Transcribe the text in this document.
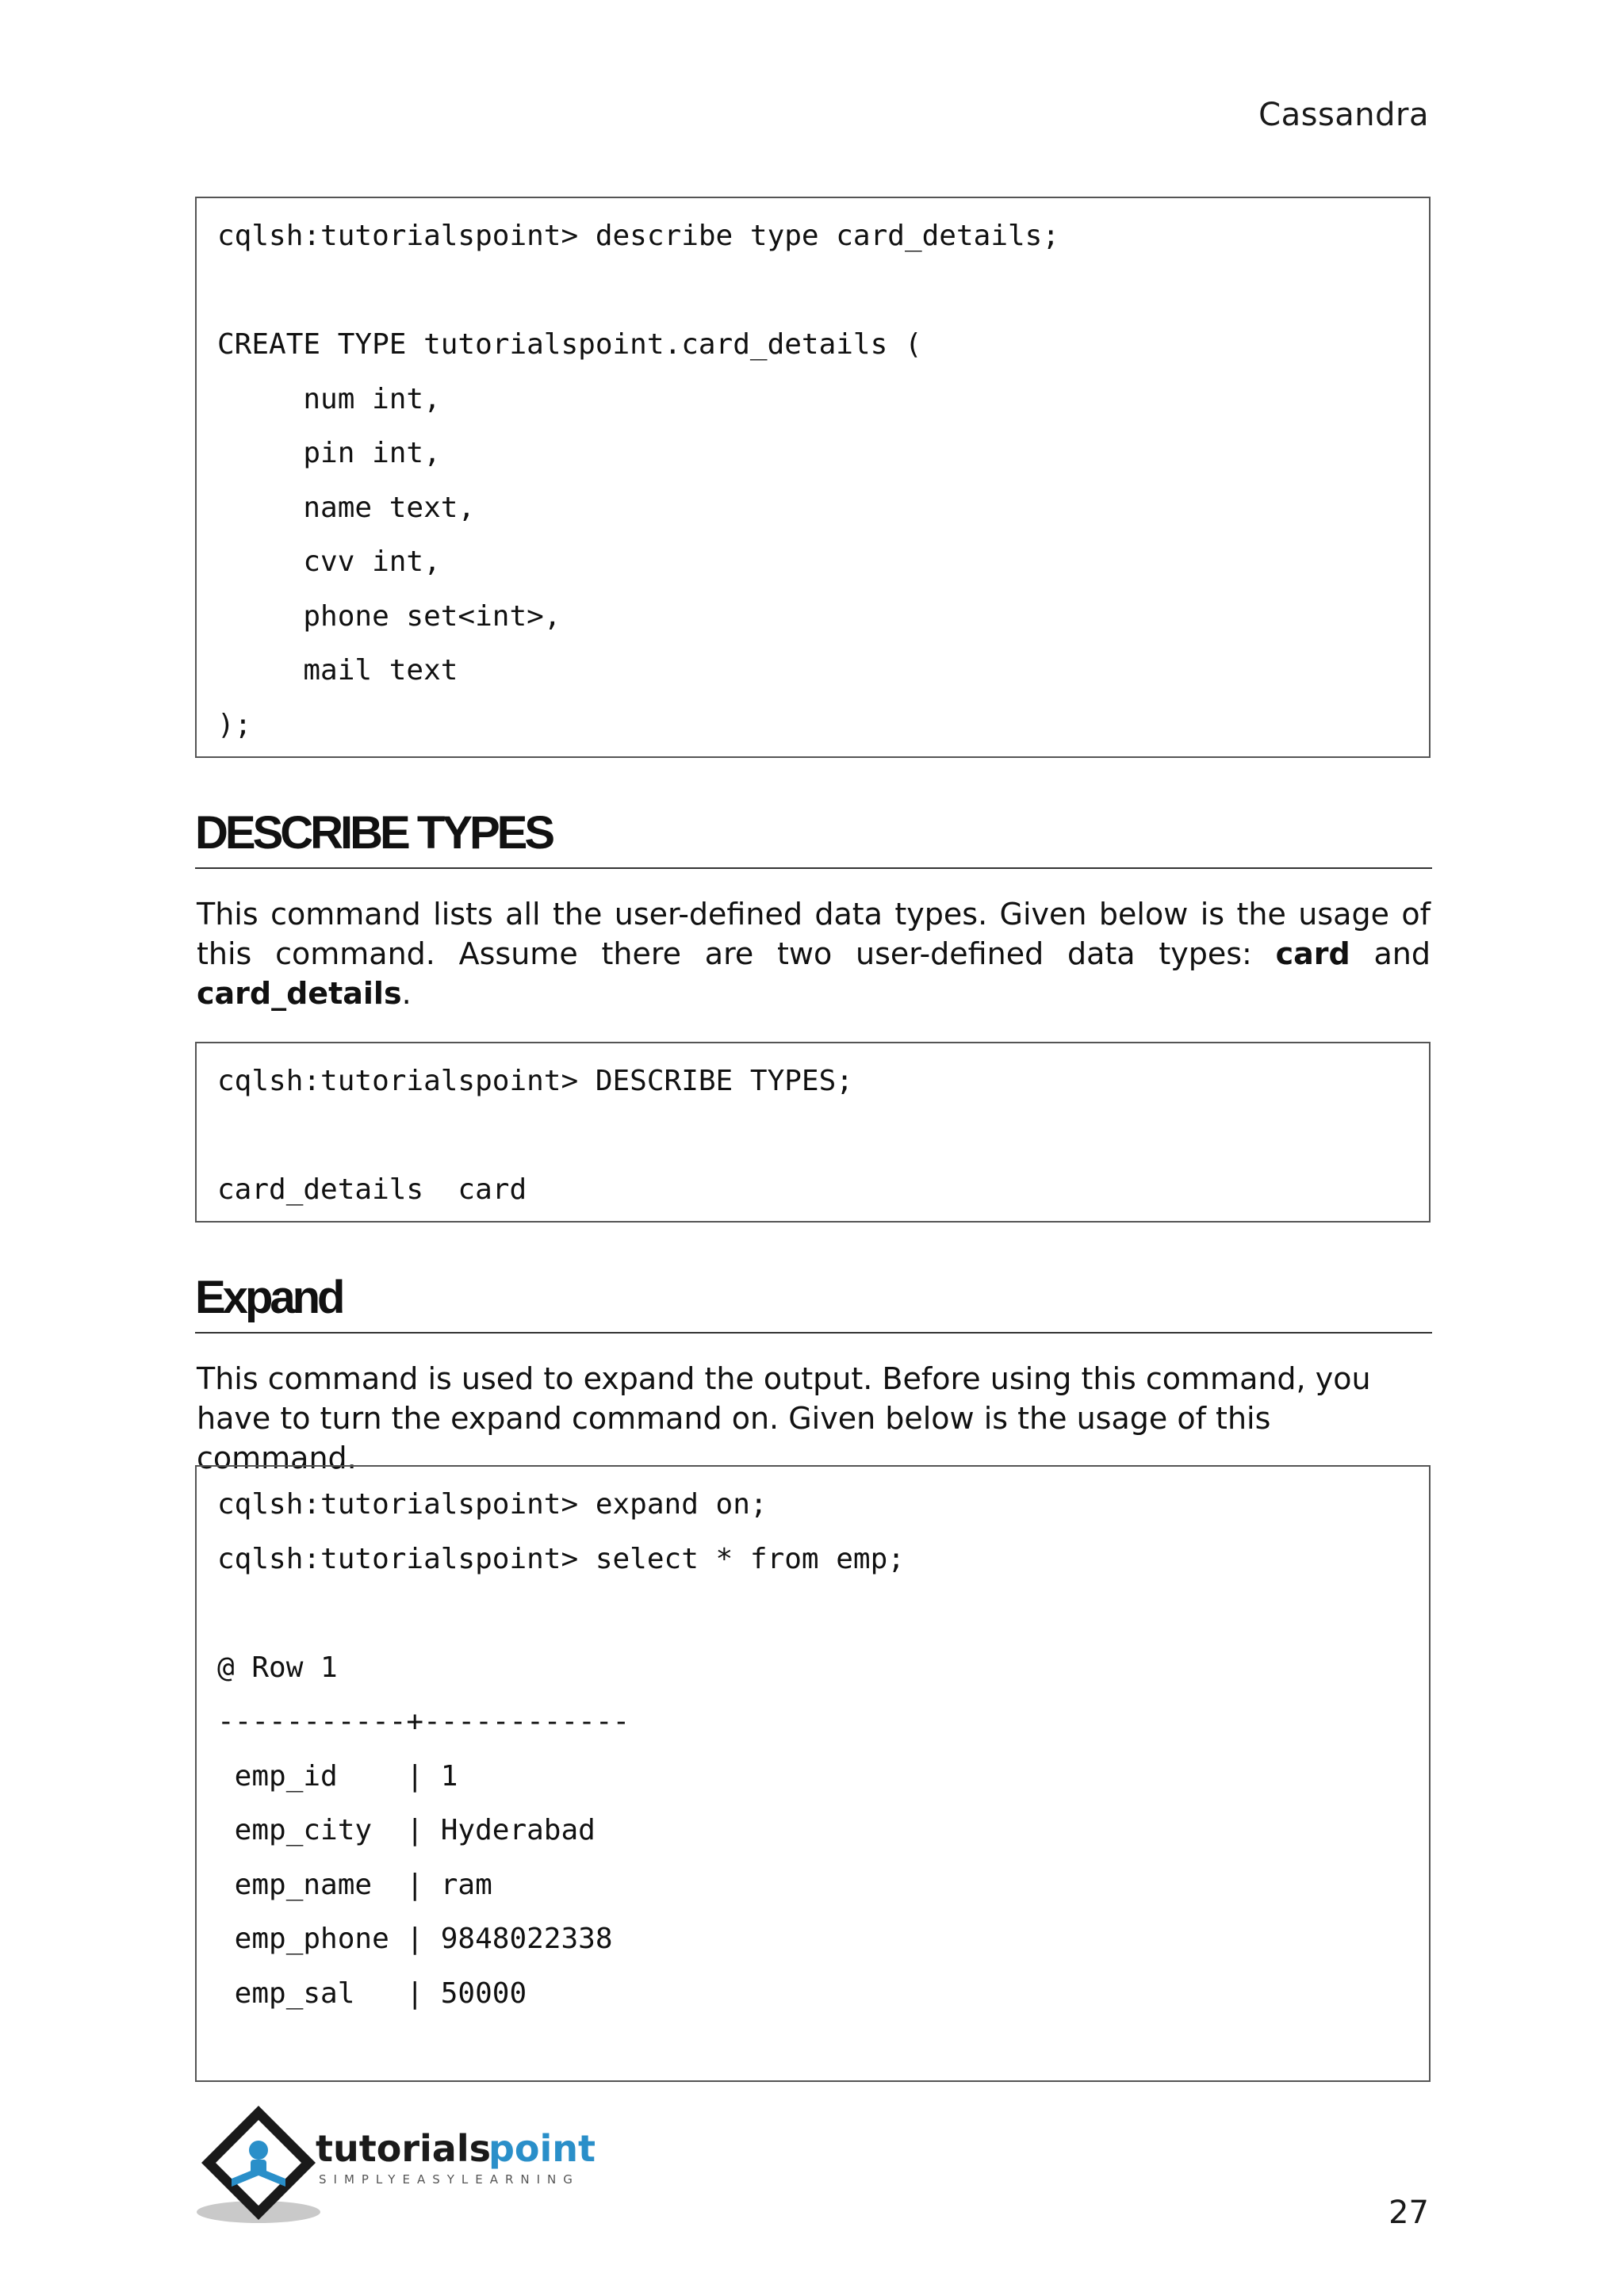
Cassandra
cqlsh:tutorialspoint> describe type card_details;
CREATE TYPE tutorialspoint.card_details (
num int,
pin int,
name text,
cvv int,
phone set<int>,
mail text
);
DESCRIBE TYPES
This command lists all the user-defined data types. Given below is the usage of this command. Assume there are two user-defined data types: card and card_details.
cqlsh:tutorialspoint> DESCRIBE TYPES;
card_details  card
Expand
This command is used to expand the output. Before using this command, you have to turn the expand command on. Given below is the usage of this command.
cqlsh:tutorialspoint> expand on;
cqlsh:tutorialspoint> select * from emp;
@ Row 1
-----------+------------
emp_id    | 1
emp_city  | Hyderabad
emp_name  | ram
emp_phone | 9848022338
emp_sal   | 50000
tutorials
point
SIMPLYEASYLEARNING
27
